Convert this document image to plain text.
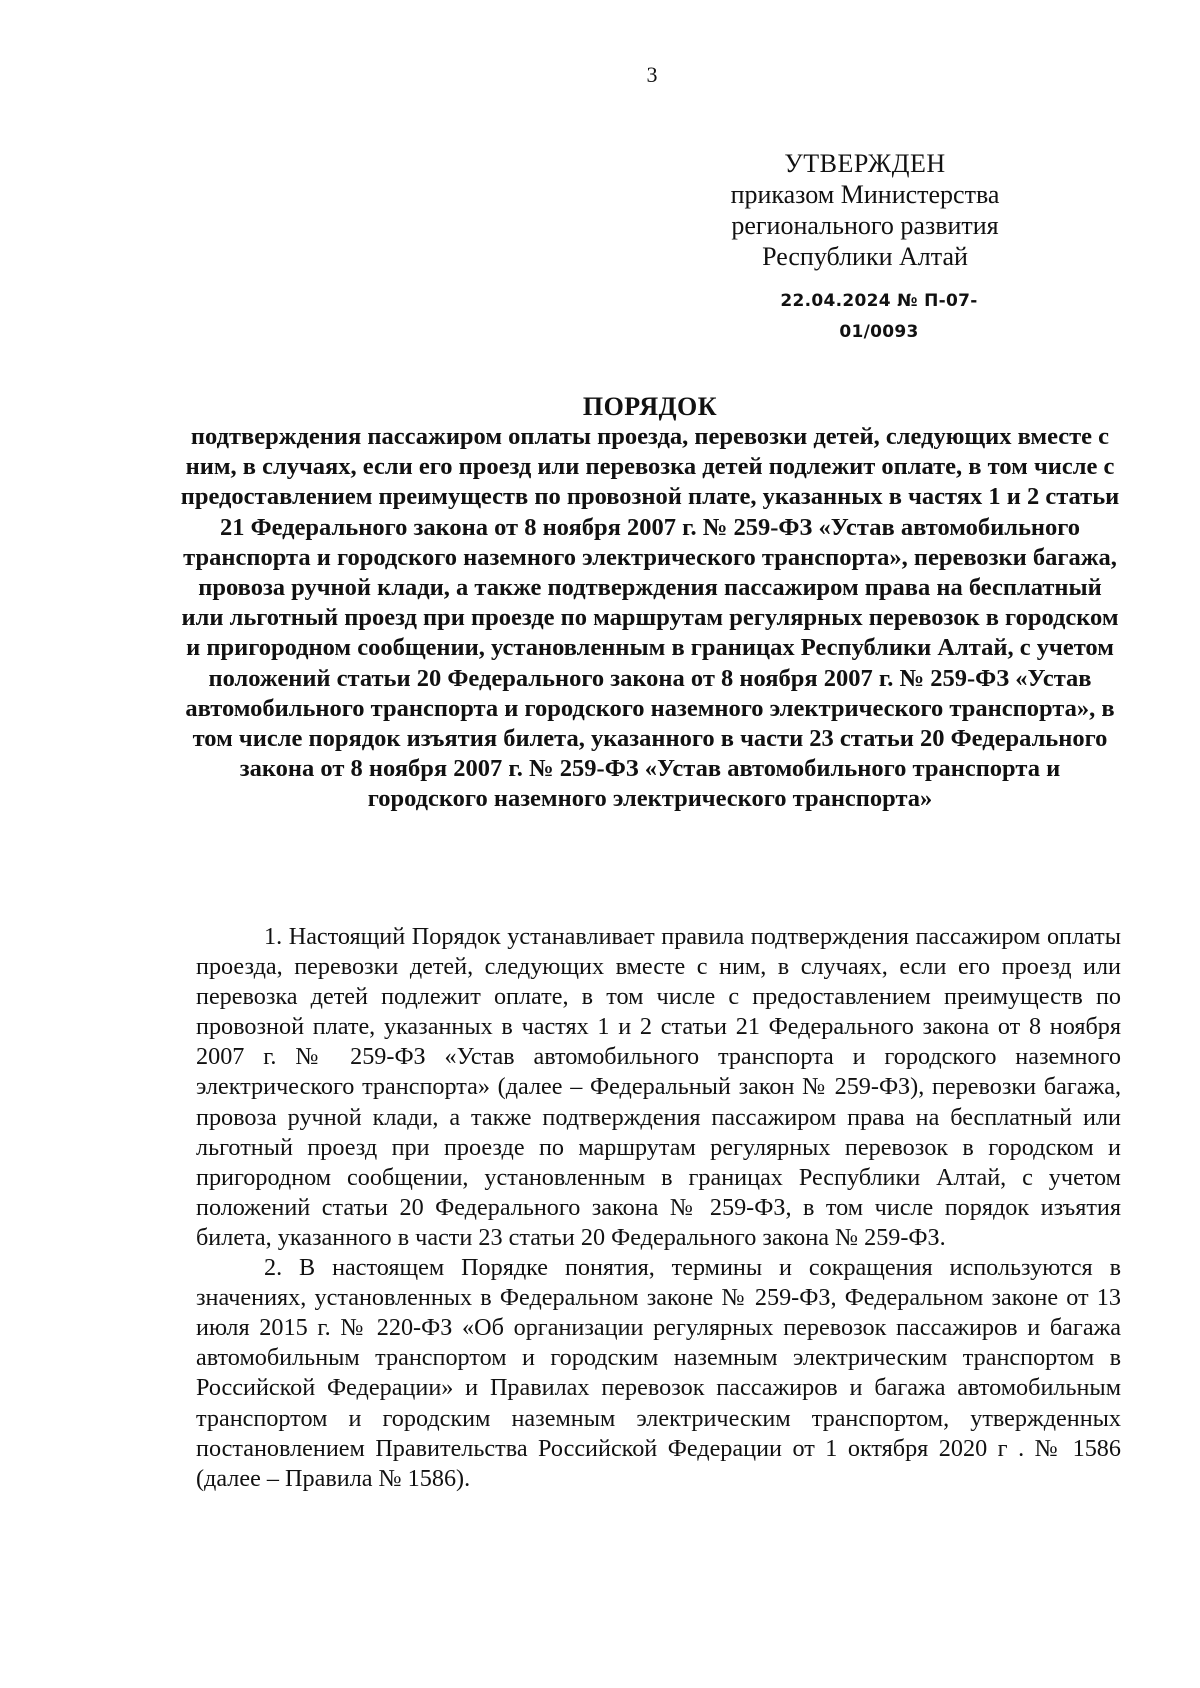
3
УТВЕРЖДЕН
приказом Министерства
регионального развития
Республики Алтай
22.04.2024 № П-07-01/0093
ПОРЯДОК
подтверждения пассажиром оплаты проезда, перевозки детей, следующих вместе с ним, в случаях, если его проезд или перевозка детей подлежит оплате, в том числе с предоставлением преимуществ по провозной плате, указанных в частях 1 и 2 статьи 21 Федерального закона от 8 ноября 2007 г. № 259-ФЗ «Устав автомобильного транспорта и городского наземного электрического транспорта», перевозки багажа, провоза ручной клади, а также подтверждения пассажиром права на бесплатный или льготный проезд при проезде по маршрутам регулярных перевозок в городском и пригородном сообщении, установленным в границах Республики Алтай, с учетом положений статьи 20 Федерального закона от 8 ноября 2007 г. № 259-ФЗ «Устав автомобильного транспорта и городского наземного электрического транспорта», в том числе порядок изъятия билета, указанного в части 23 статьи 20 Федерального закона от 8 ноября 2007 г. № 259-ФЗ «Устав автомобильного транспорта и городского наземного электрического транспорта»

1. Настоящий Порядок устанавливает правила подтверждения пассажиром оплаты проезда, перевозки детей, следующих вместе с ним, в случаях, если его проезд или перевозка детей подлежит оплате, в том числе с предоставлением преимуществ по провозной плате, указанных в частях 1 и 2 статьи 21 Федерального закона от 8 ноября 2007 г. № 259-ФЗ «Устав автомобильного транспорта и городского наземного электрического транспорта» (далее – Федеральный закон № 259-ФЗ), перевозки багажа, провоза ручной клади, а также подтверждения пассажиром права на бесплатный или льготный проезд при проезде по маршрутам регулярных перевозок в городском и пригородном сообщении, установленным в границах Республики Алтай, с учетом положений статьи 20 Федерального закона № 259-ФЗ, в том числе порядок изъятия билета, указанного в части 23 статьи 20 Федерального закона № 259-ФЗ.

2. В настоящем Порядке понятия, термины и сокращения используются в значениях, установленных в Федеральном законе № 259-ФЗ, Федеральном законе от 13 июля 2015 г. № 220-ФЗ «Об организации регулярных перевозок пассажиров и багажа автомобильным транспортом и городским наземным электрическим транспортом в Российской Федерации» и Правилах перевозок пассажиров и багажа автомобильным транспортом и городским наземным электрическим транспортом, утвержденных постановлением Правительства Российской Федерации от 1 октября 2020 г . № 1586 (далее – Правила № 1586).
